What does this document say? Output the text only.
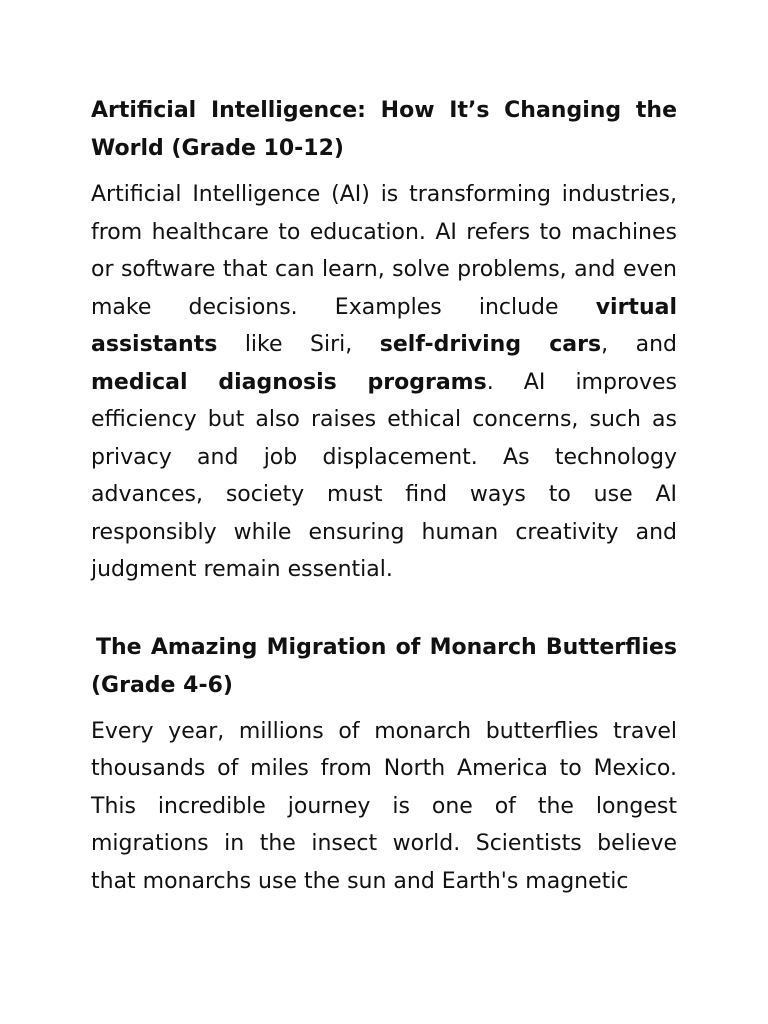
Artificial Intelligence: How It’s Changing the World (Grade 10-12)

Artificial Intelligence (AI) is transforming industries, from healthcare to education. AI refers to machines or software that can learn, solve problems, and even make decisions. Examples include virtual assistants like Siri, self-driving cars, and medical diagnosis programs. AI improves efficiency but also raises ethical concerns, such as privacy and job displacement. As technology advances, society must find ways to use AI responsibly while ensuring human creativity and judgment remain essential.

The Amazing Migration of Monarch Butterflies (Grade 4-6)

Every year, millions of monarch butterflies travel thousands of miles from North America to Mexico. This incredible journey is one of the longest migrations in the insect world. Scientists believe that monarchs use the sun and Earth's magnetic
